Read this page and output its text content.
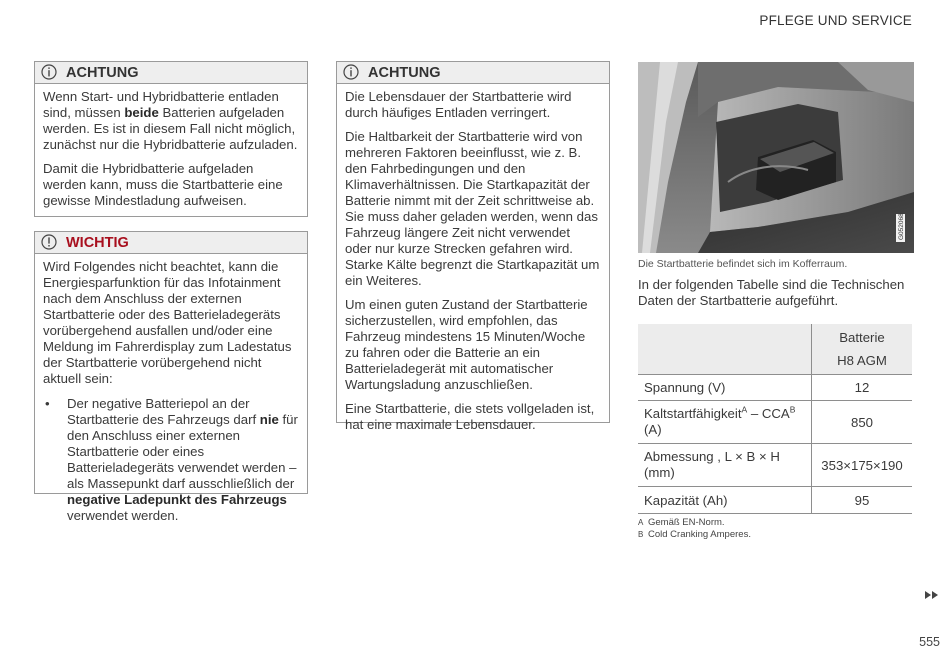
PFLEGE UND SERVICE
ACHTUNG

Wenn Start- und Hybridbatterie entladen sind, müssen beide Batterien aufgeladen werden. Es ist in diesem Fall nicht möglich, zunächst nur die Hybridbatterie aufzuladen.

Damit die Hybridbatterie aufgeladen werden kann, muss die Startbatterie eine gewisse Mindestladung aufweisen.

WICHTIG

Wird Folgendes nicht beachtet, kann die Energiesparfunktion für das Infotainment nach dem Anschluss der externen Startbatterie oder des Batterieladegeräts vorübergehend ausfallen und/oder eine Meldung im Fahrerdisplay zum Ladestatus der Startbatterie vorübergehend nicht aktuell sein:

• Der negative Batteriepol an der Startbatterie des Fahrzeugs darf nie für den Anschluss einer externen Startbatterie oder eines Batterieladegeräts verwendet werden – als Massepunkt darf ausschließlich der negative Ladepunkt des Fahrzeugs verwendet werden.
ACHTUNG

Die Lebensdauer der Startbatterie wird durch häufiges Entladen verringert.

Die Haltbarkeit der Startbatterie wird von mehreren Faktoren beeinflusst, wie z. B. den Fahrbedingungen und den Klimaverhältnissen. Die Startkapazität der Batterie nimmt mit der Zeit schrittweise ab. Sie muss daher geladen werden, wenn das Fahrzeug längere Zeit nicht verwendet oder nur kurze Strecken gefahren wird. Starke Kälte begrenzt die Startkapazität um ein Weiteres.

Um einen guten Zustand der Startbatterie sicherzustellen, wird empfohlen, das Fahrzeug mindestens 15 Minuten/Woche zu fahren oder die Batterie an ein Batterieladegerät mit automatischer Wartungsladung anzuschließen.

Eine Startbatterie, die stets vollgeladen ist, hat eine maximale Lebensdauer.

G052068
Die Startbatterie befindet sich im Kofferraum.
In der folgenden Tabelle sind die Technischen Daten der Startbatterie aufgeführt.

	Batterie
H8 AGM

Spannung (V)	12
Kaltstartfähigkeit$^A$ – $CCA^B$
(A)	850
Abmessung , L × B × H
(mm)	353×175×190
Kapazität (Ah)	95
A Gemäß EN-Norm.
B Cold Cranking Amperes.
555
